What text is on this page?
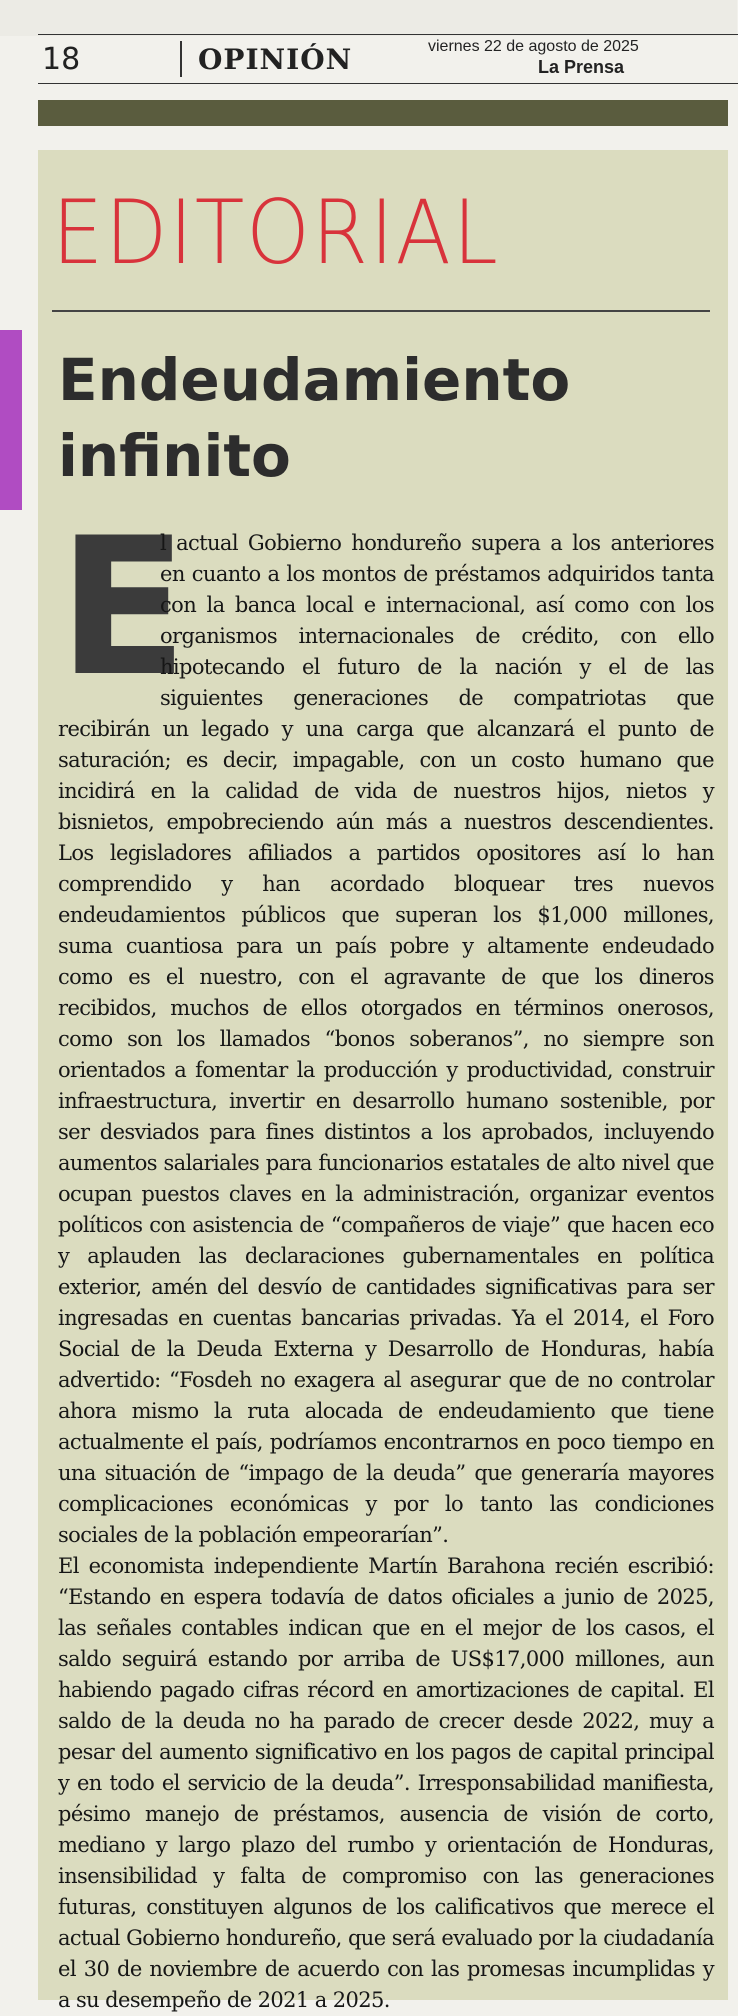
18	OPINIÓN	viernes 22 de agosto de 2025
La Prensa
EDITORIAL
Endeudamiento infinito

E
l actual Gobierno hondureño supera a los anteriores en cuanto a los montos de préstamos adquiridos tanta con la banca local e internacional, así como con los organismos internacionales de crédito, con ello hipotecando el futuro de la nación y el de las siguientes generaciones de compatriotas que recibirán un legado y una carga que alcanzará el punto de saturación; es decir, impagable, con un costo humano que incidirá en la calidad de vida de nuestros hijos, nietos y bisnietos, empobreciendo aún más a nuestros descendientes. Los legisladores afiliados a partidos opositores así lo han comprendido y han acordado bloquear tres nuevos endeudamientos públicos que superan los $1,000 millones, suma cuantiosa para un país pobre y altamente endeudado como es el nuestro, con el agravante de que los dineros recibidos, muchos de ellos otorgados en términos onerosos, como son los llamados “bonos soberanos”, no siempre son orientados a fomentar la producción y productividad, construir infraestructura, invertir en desarrollo humano sostenible, por ser desviados para fines distintos a los aprobados, incluyendo aumentos salariales para funcionarios estatales de alto nivel que ocupan puestos claves en la administración, organizar eventos políticos con asistencia de “compañeros de viaje” que hacen eco y aplauden las declaraciones gubernamentales en política exterior, amén del desvío de cantidades significativas para ser ingresadas en cuentas bancarias privadas. Ya el 2014, el Foro Social de la Deuda Externa y Desarrollo de Honduras, había advertido: “Fosdeh no exagera al asegurar que de no controlar ahora mismo la ruta alocada de endeudamiento que tiene actualmente el país, podríamos encontrarnos en poco tiempo en una situación de “impago de la deuda” que generaría mayores complicaciones económicas y por lo tanto las condiciones sociales de la población empeorarían”.

El economista independiente Martín Barahona recién escribió: “Estando en espera todavía de datos oficiales a junio de 2025, las señales contables indican que en el mejor de los casos, el saldo seguirá estando por arriba de US$17,000 millones, aun habiendo pagado cifras récord en amortizaciones de capital. El saldo de la deuda no ha parado de crecer desde 2022, muy a pesar del aumento significativo en los pagos de capital principal y en todo el servicio de la deuda”. Irresponsabilidad manifiesta, pésimo manejo de préstamos, ausencia de visión de corto, mediano y largo plazo del rumbo y orientación de Honduras, insensibilidad y falta de compromiso con las generaciones futuras, constituyen algunos de los calificativos que merece el actual Gobierno hondureño, que será evaluado por la ciudadanía el 30 de noviembre de acuerdo con las promesas incumplidas y a su desempeño de 2021 a 2025.
